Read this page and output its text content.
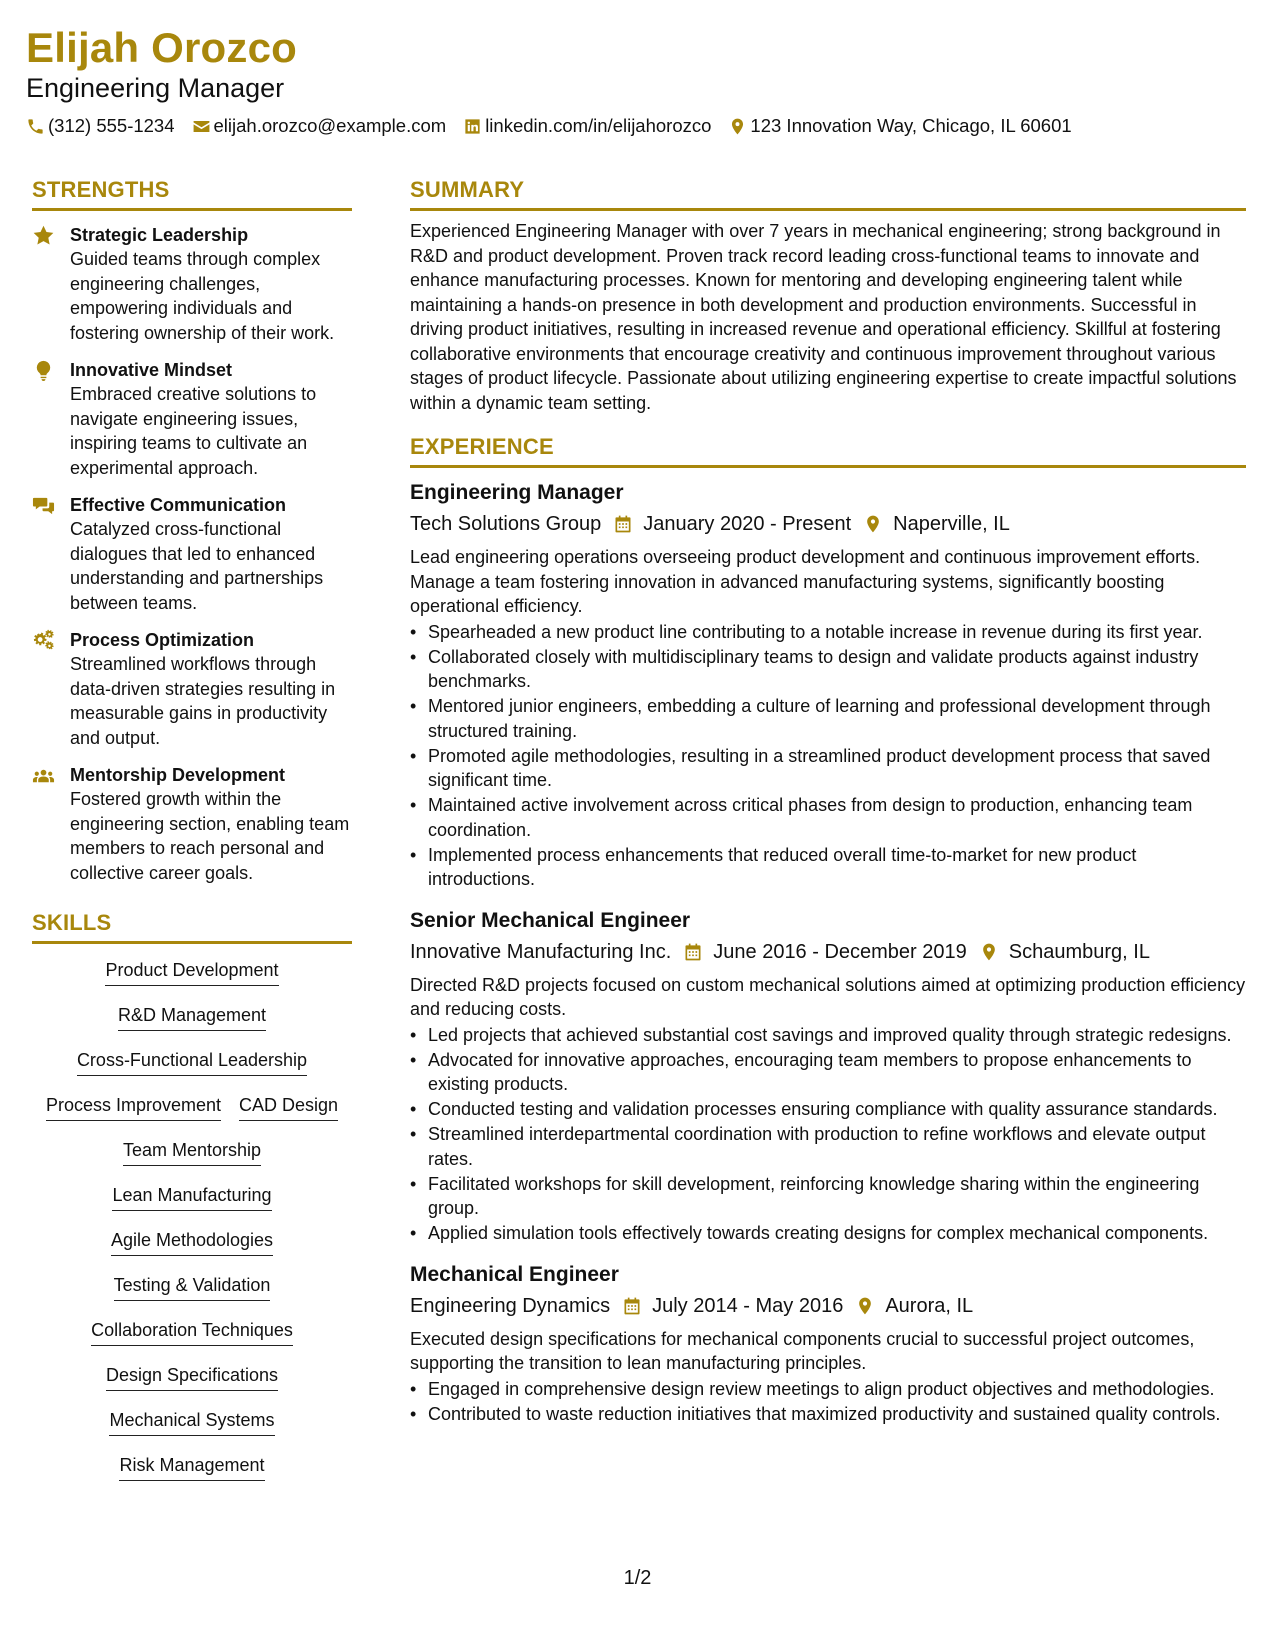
Elijah Orozco
Engineering Manager
(312) 555-1234 elijah.orozco@example.com linkedin.com/in/elijahorozco 123 Innovation Way, Chicago, IL 60601
STRENGTHS
Strategic Leadership
Guided teams through complex engineering challenges, empowering individuals and fostering ownership of their work.
Innovative Mindset
Embraced creative solutions to navigate engineering issues, inspiring teams to cultivate an experimental approach.
Effective Communication
Catalyzed cross-functional dialogues that led to enhanced understanding and partnerships between teams.
Process Optimization
Streamlined workflows through data-driven strategies resulting in measurable gains in productivity and output.
Mentorship Development
Fostered growth within the engineering section, enabling team members to reach personal and collective career goals.
SKILLS
Product Development
R&D Management
Cross-Functional Leadership
Process Improvement CAD Design
Team Mentorship
Lean Manufacturing
Agile Methodologies
Testing & Validation
Collaboration Techniques
Design Specifications
Mechanical Systems
Risk Management
SUMMARY

Experienced Engineering Manager with over 7 years in mechanical engineering; strong background in R&D and product development. Proven track record leading cross-functional teams to innovate and enhance manufacturing processes. Known for mentoring and developing engineering talent while maintaining a hands-on presence in both development and production environments. Successful in driving product initiatives, resulting in increased revenue and operational efficiency. Skillful at fostering collaborative environments that encourage creativity and continuous improvement throughout various stages of product lifecycle. Passionate about utilizing engineering expertise to create impactful solutions within a dynamic team setting.

EXPERIENCE
Engineering Manager
Tech Solutions Group January 2020 - Present Naperville, IL

Lead engineering operations overseeing product development and continuous improvement efforts. Manage a team fostering innovation in advanced manufacturing systems, significantly boosting operational efficiency.

• Spearheaded a new product line contributing to a notable increase in revenue during its first year.
• Collaborated closely with multidisciplinary teams to design and validate products against industry benchmarks.
• Mentored junior engineers, embedding a culture of learning and professional development through structured training.
• Promoted agile methodologies, resulting in a streamlined product development process that saved significant time.
• Maintained active involvement across critical phases from design to production, enhancing team coordination.
• Implemented process enhancements that reduced overall time-to-market for new product introductions.
Senior Mechanical Engineer
Innovative Manufacturing Inc. June 2016 - December 2019 Schaumburg, IL

Directed R&D projects focused on custom mechanical solutions aimed at optimizing production efficiency and reducing costs.

• Led projects that achieved substantial cost savings and improved quality through strategic redesigns.
• Advocated for innovative approaches, encouraging team members to propose enhancements to existing products.
• Conducted testing and validation processes ensuring compliance with quality assurance standards.
• Streamlined interdepartmental coordination with production to refine workflows and elevate output rates.
• Facilitated workshops for skill development, reinforcing knowledge sharing within the engineering group.
• Applied simulation tools effectively towards creating designs for complex mechanical components.
Mechanical Engineer
Engineering Dynamics July 2014 - May 2016 Aurora, IL

Executed design specifications for mechanical components crucial to successful project outcomes, supporting the transition to lean manufacturing principles.

• Engaged in comprehensive design review meetings to align product objectives and methodologies.
• Contributed to waste reduction initiatives that maximized productivity and sustained quality controls.
1/2
